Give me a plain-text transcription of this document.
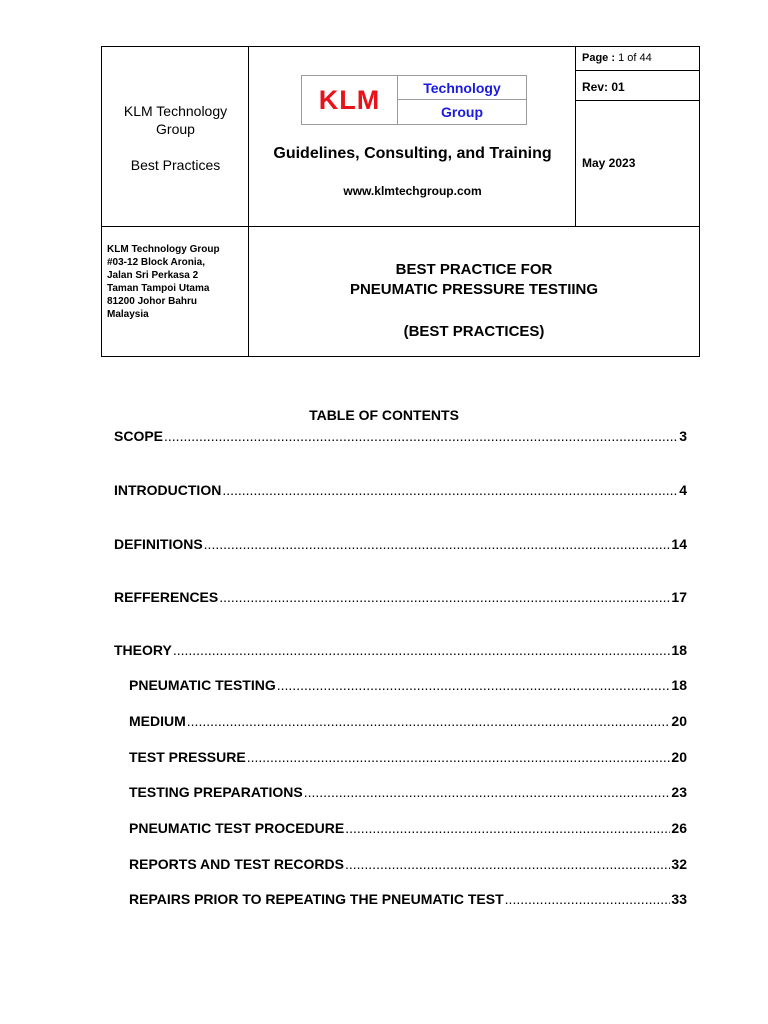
KLM Technology
Group
Best Practices
KLM	Technology
Group
Guidelines, Consulting, and Training
www.klmtechgroup.com
Page : 1 of 44
Rev: 01
May 2023
KLM Technology Group
#03-12 Block Aronia,
Jalan Sri Perkasa 2
Taman Tampoi Utama
81200 Johor Bahru
Malaysia
BEST PRACTICE FOR
PNEUMATIC PRESSURE TESTIING
(BEST PRACTICES)
TABLE OF CONTENTS
SCOPE .....	3
INTRODUCTION .....	4
DEFINITIONS .....	14
REFFERENCES .....	17
THEORY .....	18
PNEUMATIC TESTING .....	18
MEDIUM .....	20
TEST PRESSURE .....	20
TESTING PREPARATIONS .....	23
PNEUMATIC TEST PROCEDURE .....	26
REPORTS AND TEST RECORDS .....	32
REPAIRS PRIOR TO REPEATING THE PNEUMATIC TEST .....	33
